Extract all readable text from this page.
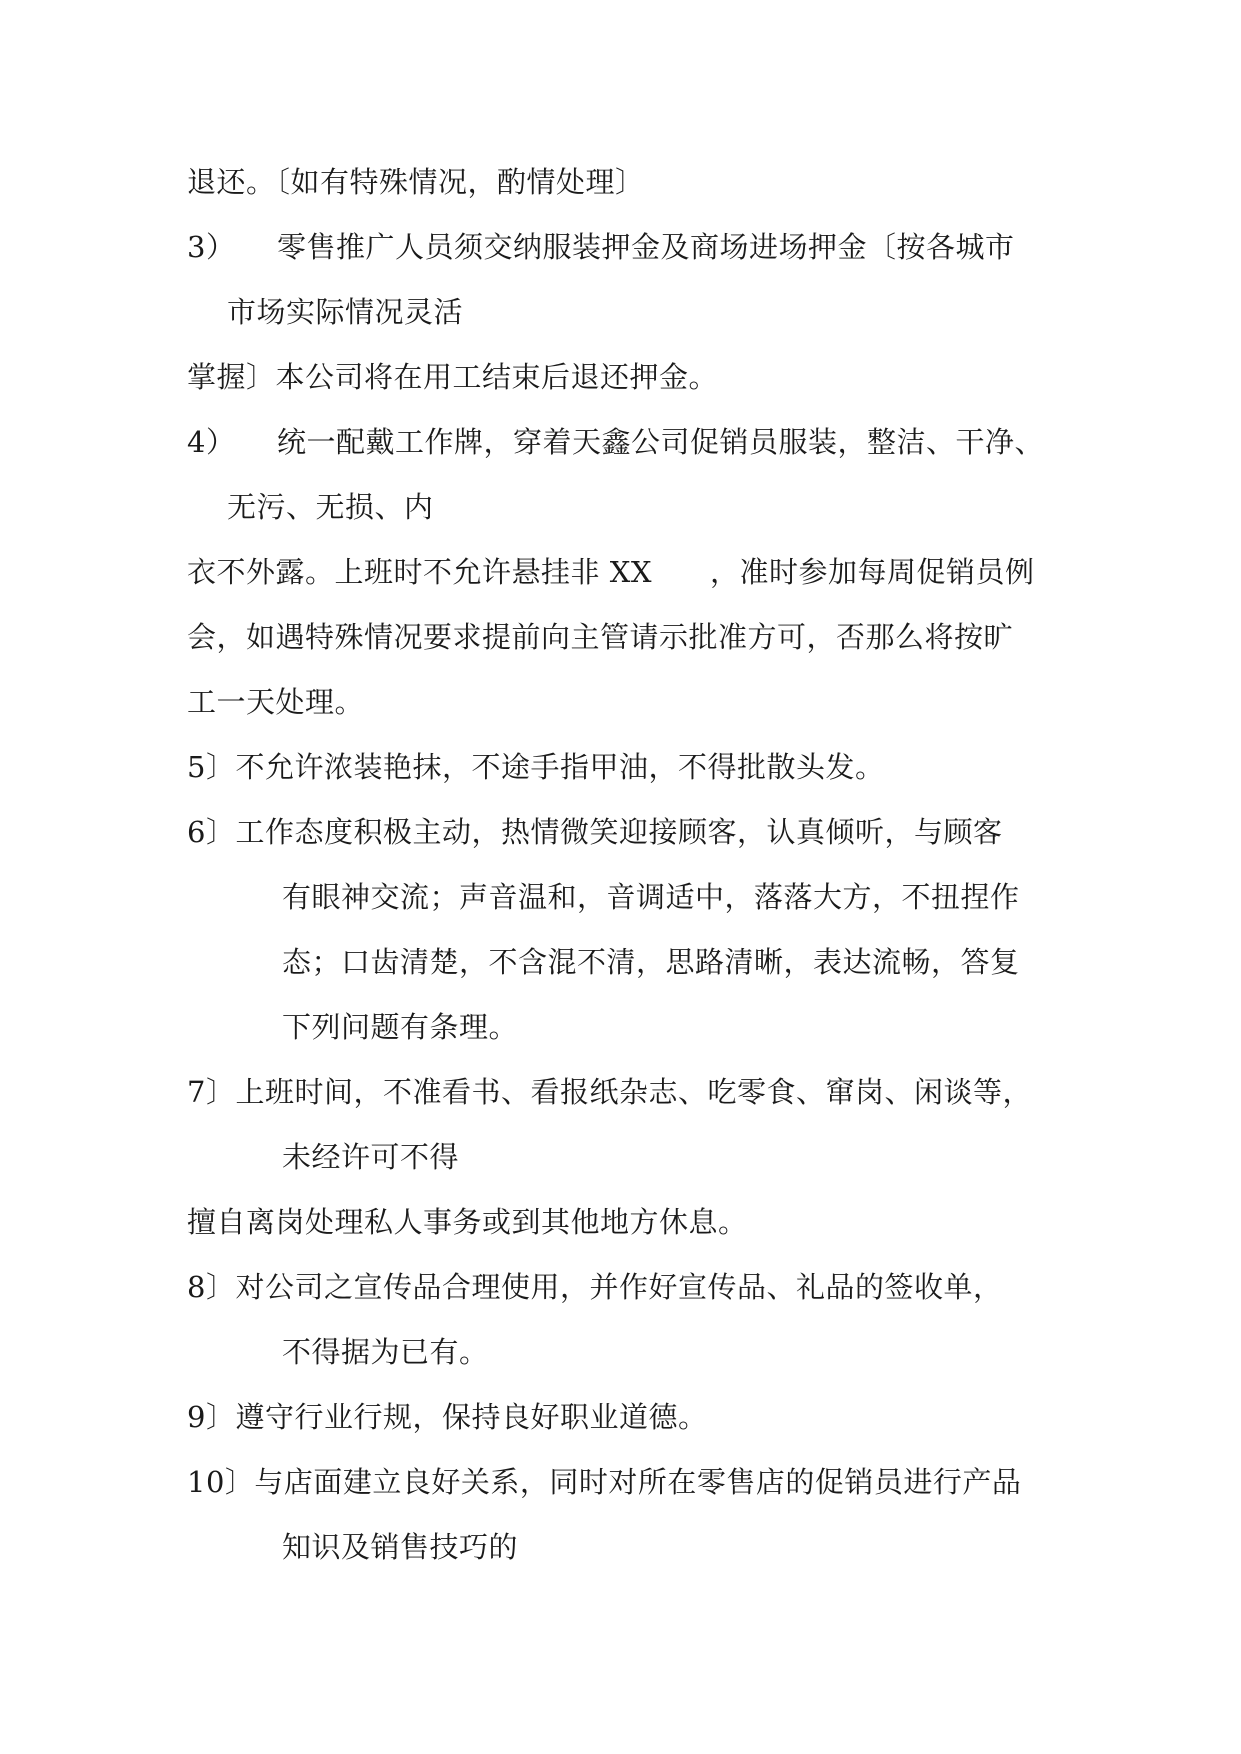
退还。〔如有特殊情况，酌情处理〕
3） 零售推广人员须交纳服装押金及商场进场押金〔按各城市
市场实际情况灵活
掌握〕本公司将在用工结束后退还押金。
4） 统一配戴工作牌，穿着天鑫公司促销员服装，整洁、干净、
无污、无损、内
衣不外露。上班时不允许悬挂非 XX ，准时参加每周促销员例
会，如遇特殊情况要求提前向主管请示批准方可，否那么将按旷
工一天处理。
5〕不允许浓装艳抹，不途手指甲油，不得批散头发。
6〕工作态度积极主动，热情微笑迎接顾客，认真倾听，与顾客
有眼神交流；声音温和，音调适中，落落大方，不扭捏作
态；口齿清楚，不含混不清，思路清晰，表达流畅，答复
下列问题有条理。
7〕上班时间，不准看书、看报纸杂志、吃零食、窜岗、闲谈等，
未经许可不得
擅自离岗处理私人事务或到其他地方休息。
8〕对公司之宣传品合理使用，并作好宣传品、礼品的签收单，
不得据为已有。
9〕遵守行业行规，保持良好职业道德。
10〕与店面建立良好关系，同时对所在零售店的促销员进行产品
知识及销售技巧的
